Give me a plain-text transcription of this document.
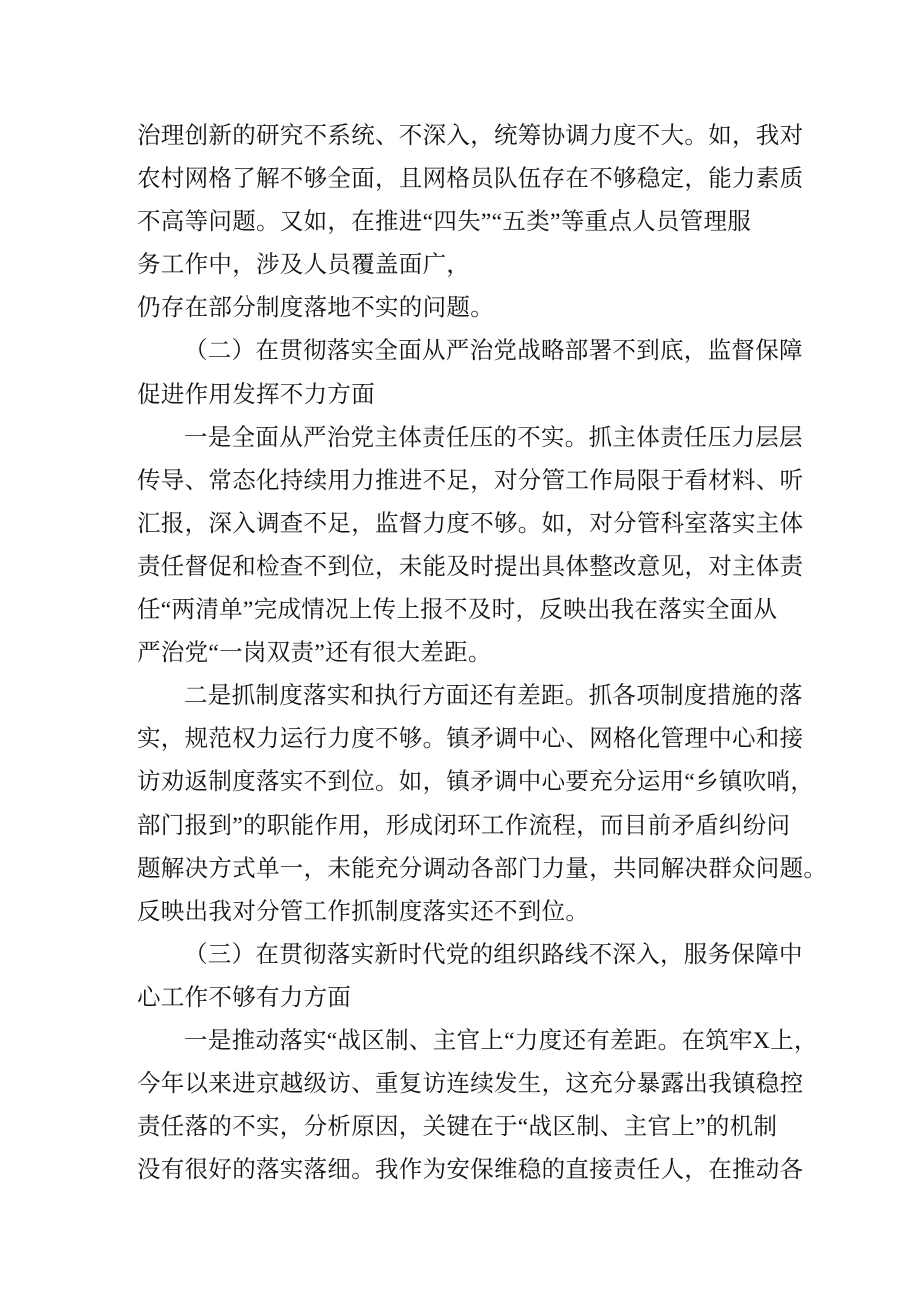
治理创新的研究不系统、不深入，统筹协调力度不大。如，我对
农村网格了解不够全面，且网格员队伍存在不够稳定，能力素质
不高等问题。又如，在推进“四失”“五类”等重点人员管理服
务工作中，涉及人员覆盖面广，
仍存在部分制度落地不实的问题。
（二）在贯彻落实全面从严治党战略部署不到底，监督保障
促进作用发挥不力方面
一是全面从严治党主体责任压的不实。抓主体责任压力层层
传导、常态化持续用力推进不足，对分管工作局限于看材料、听
汇报，深入调查不足，监督力度不够。如，对分管科室落实主体
责任督促和检查不到位，未能及时提出具体整改意见，对主体责
任“两清单”完成情况上传上报不及时，反映出我在落实全面从
严治党“一岗双责”还有很大差距。
二是抓制度落实和执行方面还有差距。抓各项制度措施的落
实，规范权力运行力度不够。镇矛调中心、网格化管理中心和接
访劝返制度落实不到位。如，镇矛调中心要充分运用“乡镇吹哨，
部门报到”的职能作用，形成闭环工作流程，而目前矛盾纠纷问
题解决方式单一，未能充分调动各部门力量，共同解决群众问题。
反映出我对分管工作抓制度落实还不到位。
（三）在贯彻落实新时代党的组织路线不深入，服务保障中
心工作不够有力方面
一是推动落实“战区制、主官上“力度还有差距。在筑牢X上，
今年以来进京越级访、重复访连续发生，这充分暴露出我镇稳控
责任落的不实，分析原因，关键在于“战区制、主官上”的机制
没有很好的落实落细。我作为安保维稳的直接责任人，在推动各
